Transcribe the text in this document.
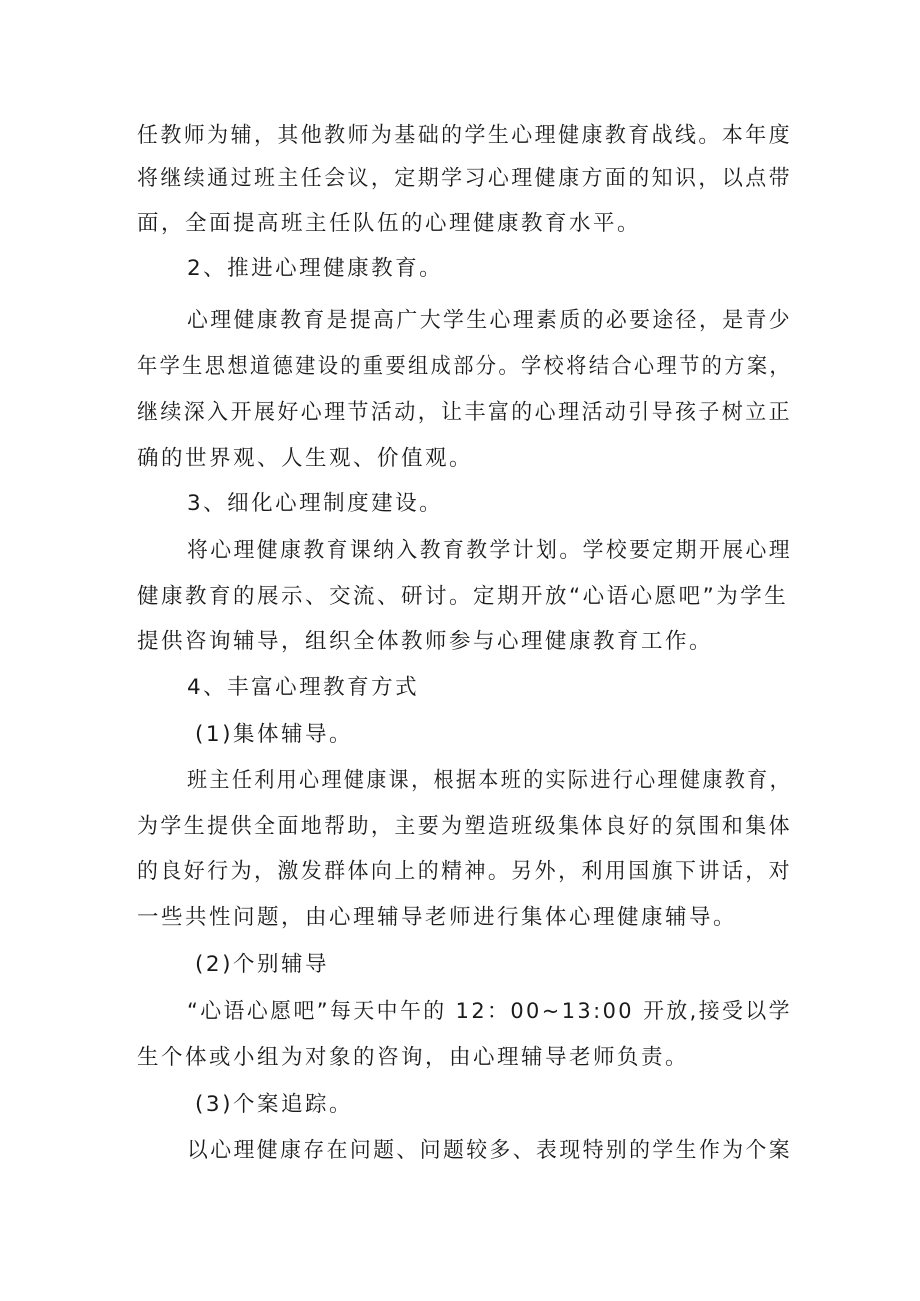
任教师为辅，其他教师为基础的学生心理健康教育战线。本年度
将继续通过班主任会议，定期学习心理健康方面的知识，以点带
面，全面提高班主任队伍的心理健康教育水平。
2、推进心理健康教育。
心理健康教育是提高广大学生心理素质的必要途径，是青少
年学生思想道德建设的重要组成部分。学校将结合心理节的方案，
继续深入开展好心理节活动，让丰富的心理活动引导孩子树立正
确的世界观、人生观、价值观。
3、细化心理制度建设。
将心理健康教育课纳入教育教学计划。学校要定期开展心理
健康教育的展示、交流、研讨。定期开放“心语心愿吧”为学生
提供咨询辅导，组织全体教师参与心理健康教育工作。
4、丰富心理教育方式
(1)集体辅导。
班主任利用心理健康课，根据本班的实际进行心理健康教育，
为学生提供全面地帮助，主要为塑造班级集体良好的氛围和集体
的良好行为，激发群体向上的精神。另外，利用国旗下讲话，对
一些共性问题，由心理辅导老师进行集体心理健康辅导。
(2)个别辅导
“心语心愿吧”每天中午的 12：00~13:00 开放,接受以学
生个体或小组为对象的咨询，由心理辅导老师负责。
(3)个案追踪。
以心理健康存在问题、问题较多、表现特别的学生作为个案
